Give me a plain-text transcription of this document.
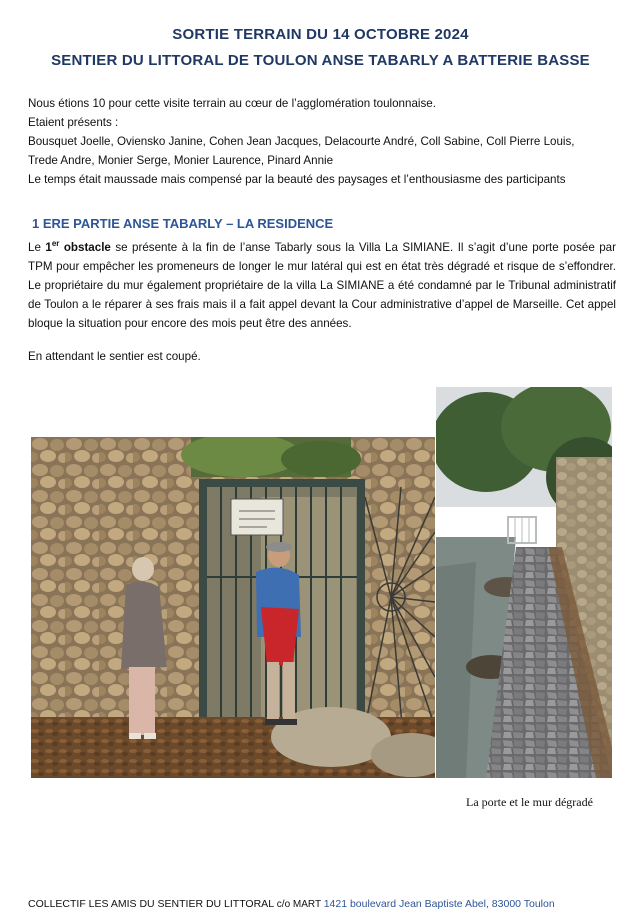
SORTIE TERRAIN DU 14 OCTOBRE 2024
SENTIER DU LITTORAL DE TOULON ANSE TABARLY A BATTERIE BASSE
Nous étions 10 pour cette visite terrain au cœur de l’agglomération toulonnaise.
Etaient présents :
Bousquet Joelle, Oviensko Janine, Cohen Jean Jacques, Delacourte André, Coll Sabine, Coll Pierre Louis,
Trede Andre, Monier Serge, Monier Laurence, Pinard Annie
Le temps était maussade mais compensé par la beauté des paysages et l’enthousiasme des participants
1 ERE PARTIE ANSE TABARLY – LA RESIDENCE
Le 1er obstacle se présente à la fin de l’anse Tabarly sous la Villa La SIMIANE. Il s’agit d’une porte posée par TPM pour empêcher les promeneurs de longer le mur latéral qui est en état très dégradé et risque de s’effondrer. Le propriétaire du mur également propriétaire de la villa La SIMIANE a été condamné par le Tribunal administratif de Toulon a le réparer à ses frais mais il a fait appel devant la Cour administrative d’appel de Marseille. Cet appel bloque la situation pour encore des mois peut être des années.
En attendant le sentier est coupé.
La porte et le mur dégradé
COLLECTIF LES AMIS DU SENTIER DU LITTORAL c/o MART 1421 boulevard Jean Baptiste Abel, 83000 Toulon
